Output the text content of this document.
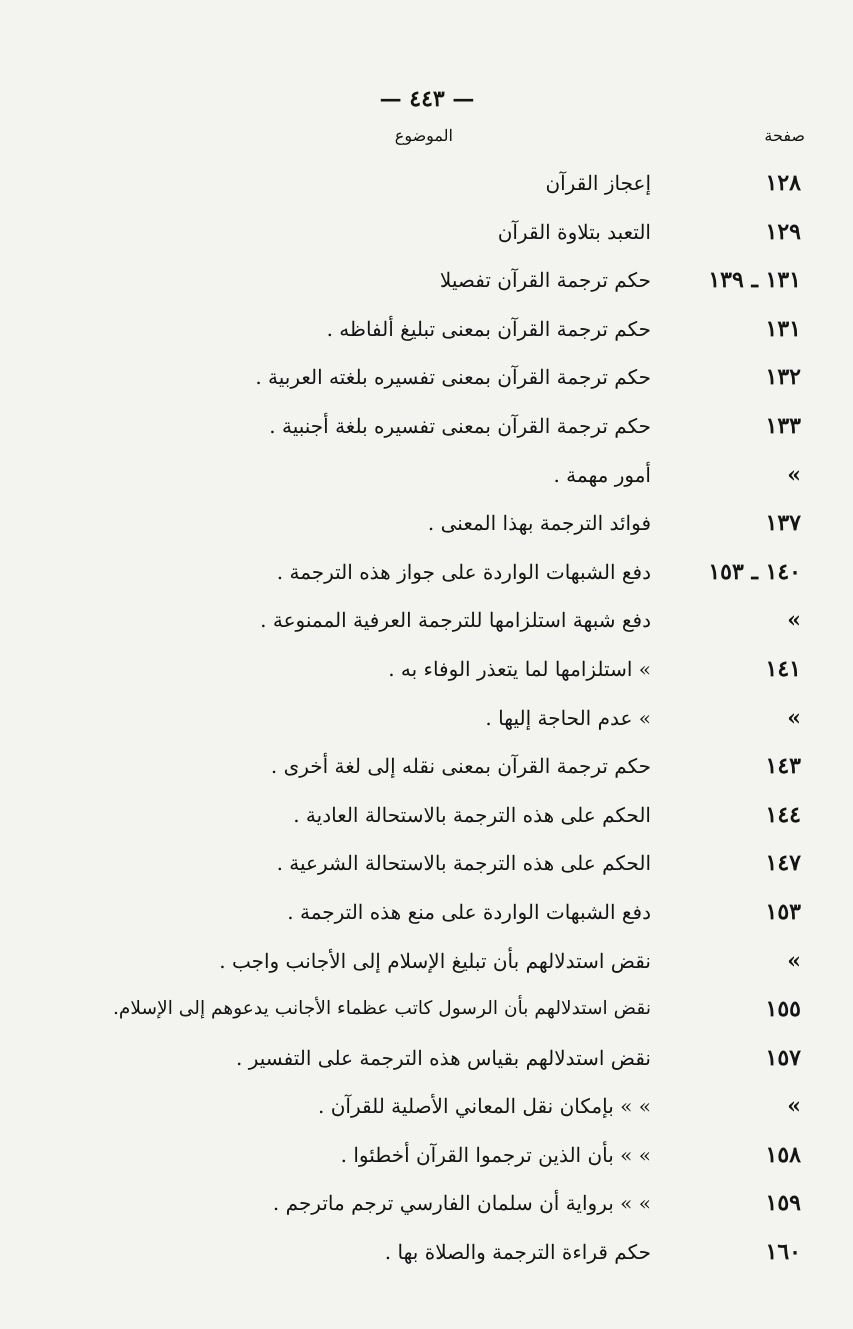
— ٤٤٣ —
صفحة
الموضوع
١٢٨
إعجاز القرآن
١٢٩
التعبد بتلاوة القرآن
١٣١ ـ ١٣٩
حكم ترجمة القرآن تفصيلا
١٣١
حكم ترجمة القرآن بمعنى تبليغ ألفاظه .
١٣٢
حكم ترجمة القرآن بمعنى تفسيره بلغته العربية .
١٣٣
حكم ترجمة القرآن بمعنى تفسيره بلغة أجنبية .
»
أمور مهمة .
١٣٧
فوائد الترجمة بهذا المعنى .
١٤٠ ـ ١٥٣
دفع الشبهات الواردة على جواز هذه الترجمة .
»
دفع شبهة استلزامها للترجمة العرفية الممنوعة .
١٤١
» استلزامها لما يتعذر الوفاء به .
»
» عدم الحاجة إليها .
١٤٣
حكم ترجمة القرآن بمعنى نقله إلى لغة أخرى .
١٤٤
الحكم على هذه الترجمة بالاستحالة العادية .
١٤٧
الحكم على هذه الترجمة بالاستحالة الشرعية .
١٥٣
دفع الشبهات الواردة على منع هذه الترجمة .
»
نقض استدلالهم بأن تبليغ الإسلام إلى الأجانب واجب .
١٥٥
نقض استدلالهم بأن الرسول كاتب عظماء الأجانب يدعوهم إلى الإسلام.
١٥٧
نقض استدلالهم بقياس هذه الترجمة على التفسير .
»
» » بإمكان نقل المعاني الأصلية للقرآن .
١٥٨
» » بأن الذين ترجموا القرآن أخطئوا .
١٥٩
» » برواية أن سلمان الفارسي ترجم ماترجم .
١٦٠
حكم قراءة الترجمة والصلاة بها .
